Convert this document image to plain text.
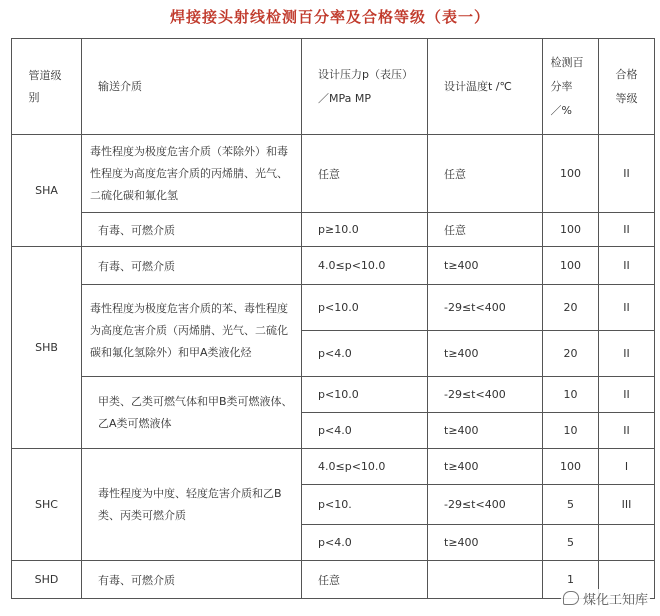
焊接接头射线检测百分率及合格等级（表一）
管道级别	输送介质	设计压力p（表压）／MPa MP	设计温度t /℃	检测百分率／%	合格等级

SHA	毒性程度为极度危害介质（苯除外）和毒性程度为高度危害介质的丙烯腈、光气、二硫化碳和氟化氢	任意	任意	100	II
	有毒、可燃介质	p≥10.0	任意	100	II
SHB	有毒、可燃介质	4.0≤p<10.0	t≥400	100	II
	毒性程度为极度危害介质的苯、毒性程度为高度危害介质（丙烯腈、光气、二硫化碳和氟化氢除外）和甲A类液化烃	p<10.0	-29≤t<400	20	II
		p<4.0	t≥400	20	II
	甲类、乙类可燃气体和甲B类可燃液体、乙A类可燃液体	p<10.0	-29≤t<400	10	II
		p<4.0	t≥400	10	II
SHC	毒性程度为中度、轻度危害介质和乙B类、丙类可燃介质	4.0≤p<10.0	t≥400	100	I
		p<10.	-29≤t<400	5	III
		p<4.0	t≥400	5	
SHD	有毒、可燃介质	任意		1	
煤化工知库
